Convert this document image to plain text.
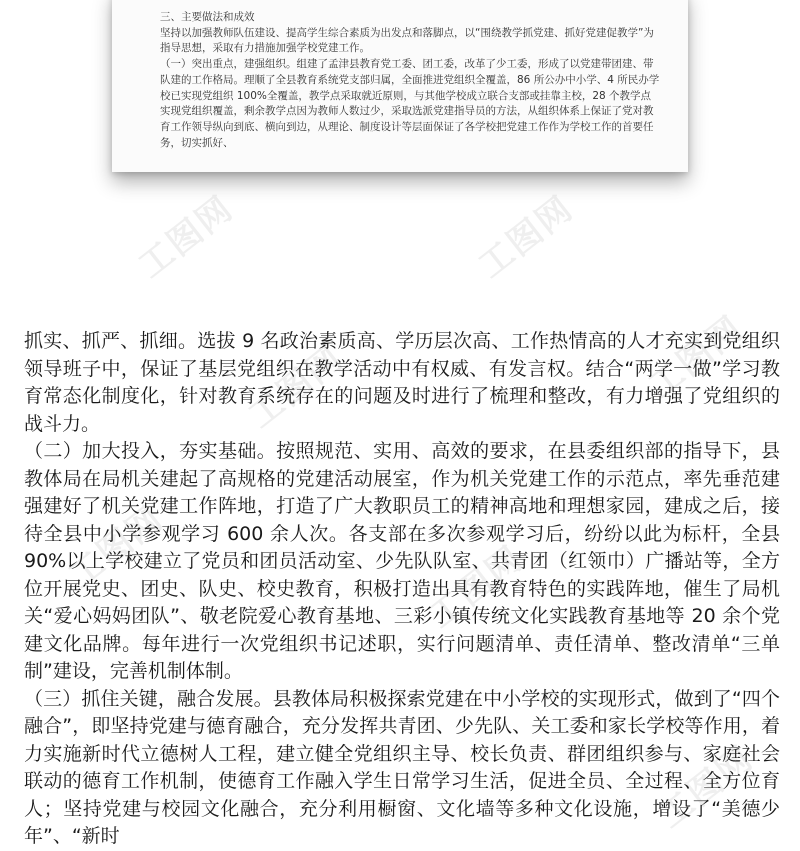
三、主要做法和成效

坚持以加强教师队伍建设、提高学生综合素质为出发点和落脚点，以“围绕教学抓党建、抓好党建促教学”为指导思想，采取有力措施加强学校党建工作。

（一）突出重点，建强组织。组建了孟津县教育党工委、团工委，改革了少工委，形成了以党建带团建、带队建的工作格局。理顺了全县教育系统党支部归属，全面推进党组织全覆盖，86 所公办中小学、4 所民办学校已实现党组织 100%全覆盖，教学点采取就近原则，与其他学校成立联合支部或挂靠主校，28 个教学点实现党组织覆盖，剩余教学点因为教师人数过少，采取选派党建指导员的方法，从组织体系上保证了党对教育工作领导纵向到底、横向到边，从理论、制度设计等层面保证了各学校把党建工作作为学校工作的首要任务，切实抓好、

工图网	工图网
工图网	工图网
工图网	工图网
工图网

抓实、抓严、抓细。选拔 9 名政治素质高、学历层次高、工作热情高的人才充实到党组织领导班子中，保证了基层党组织在教学活动中有权威、有发言权。结合“两学一做”学习教育常态化制度化，针对教育系统存在的问题及时进行了梳理和整改，有力增强了党组织的战斗力。

（二）加大投入，夯实基础。按照规范、实用、高效的要求，在县委组织部的指导下，县教体局在局机关建起了高规格的党建活动展室，作为机关党建工作的示范点，率先垂范建强建好了机关党建工作阵地，打造了广大教职员工的精神高地和理想家园，建成之后，接待全县中小学参观学习 600 余人次。各支部在多次参观学习后，纷纷以此为标杆，全县 90%以上学校建立了党员和团员活动室、少先队队室、共青团（红领巾）广播站等，全方位开展党史、团史、队史、校史教育，积极打造出具有教育特色的实践阵地，催生了局机关“爱心妈妈团队”、敬老院爱心教育基地、三彩小镇传统文化实践教育基地等 20 余个党建文化品牌。每年进行一次党组织书记述职，实行问题清单、责任清单、整改清单“三单制”建设，完善机制体制。

（三）抓住关键，融合发展。县教体局积极探索党建在中小学校的实现形式，做到了“四个融合”，即坚持党建与德育融合，充分发挥共青团、少先队、关工委和家长学校等作用，着力实施新时代立德树人工程，建立健全党组织主导、校长负责、群团组织参与、家庭社会联动的德育工作机制，使德育工作融入学生日常学习生活，促进全员、全过程、全方位育人；坚持党建与校园文化融合，充分利用橱窗、文化墙等多种文化设施，增设了“美德少年”、“新时
